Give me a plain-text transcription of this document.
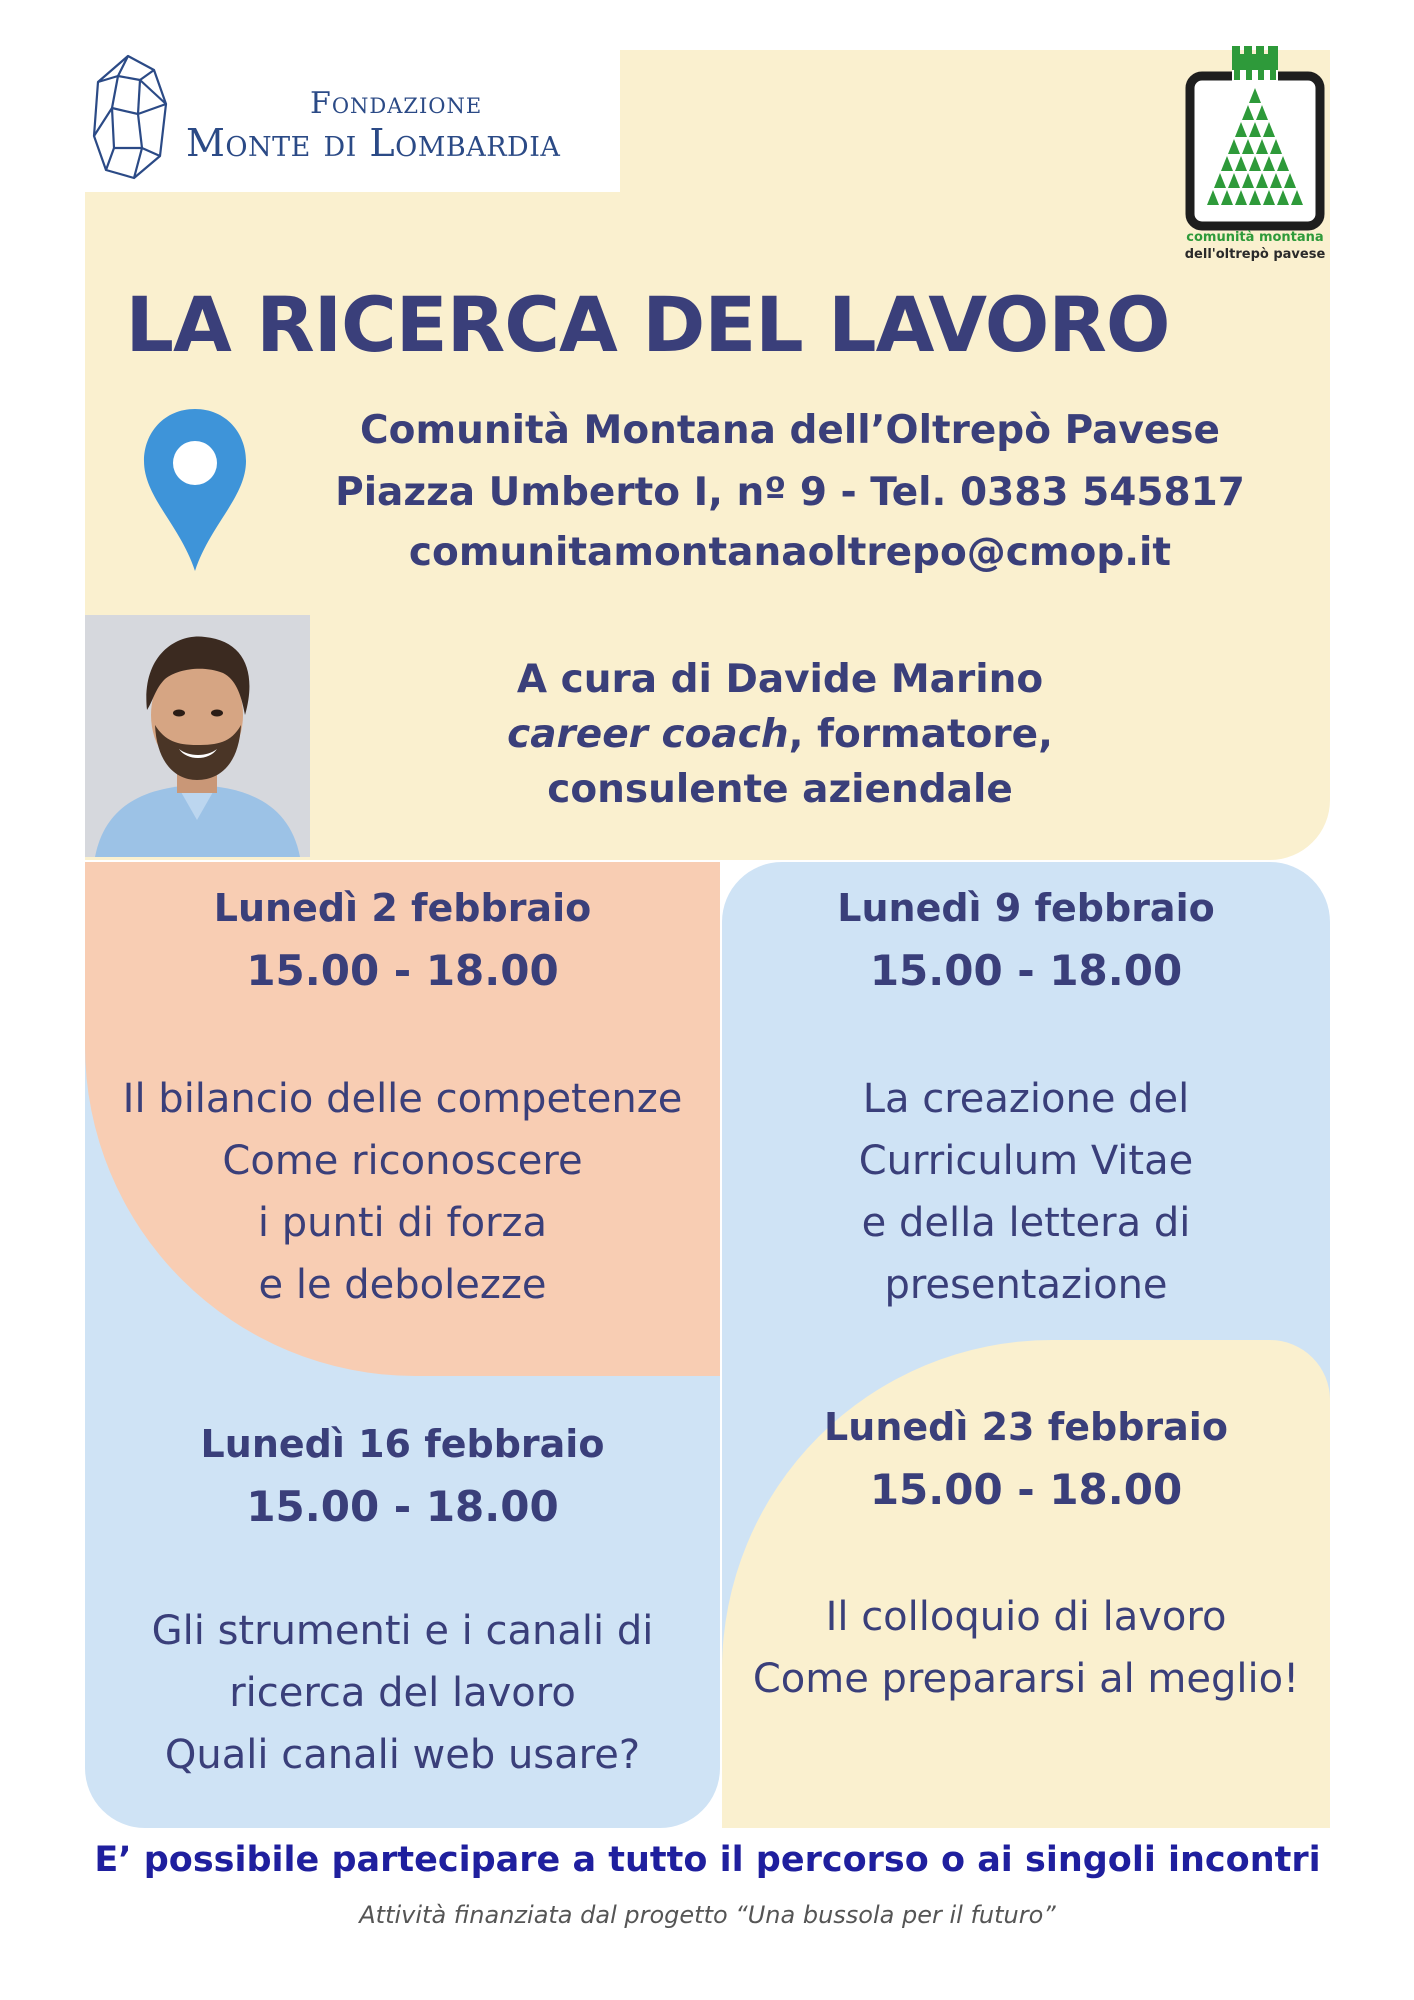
Fondazione
Monte di Lombardia
comunità montana
dell'oltrepò pavese
LA RICERCA DEL LAVORO
Comunità Montana dell’Oltrepò Pavese
Piazza Umberto I, nº 9 - Tel. 0383 545817
comunitamontanaoltrepo@cmop.it
A cura di Davide Marino
career coach, formatore,
consulente aziendale
Lunedì 2 febbraio
15.00 - 18.00
Il bilancio delle competenze
Come riconoscere
i punti di forza
e le debolezze
Lunedì 9 febbraio
15.00 - 18.00
La creazione del
Curriculum Vitae
e della lettera di
presentazione
Lunedì 16 febbraio
15.00 - 18.00
Gli strumenti e i canali di
ricerca del lavoro
Quali canali web usare?
Lunedì 23 febbraio
15.00 - 18.00
Il colloquio di lavoro
Come prepararsi al meglio!
E’ possibile partecipare a tutto il percorso o ai singoli incontri
Attività finanziata dal progetto “Una bussola per il futuro”
